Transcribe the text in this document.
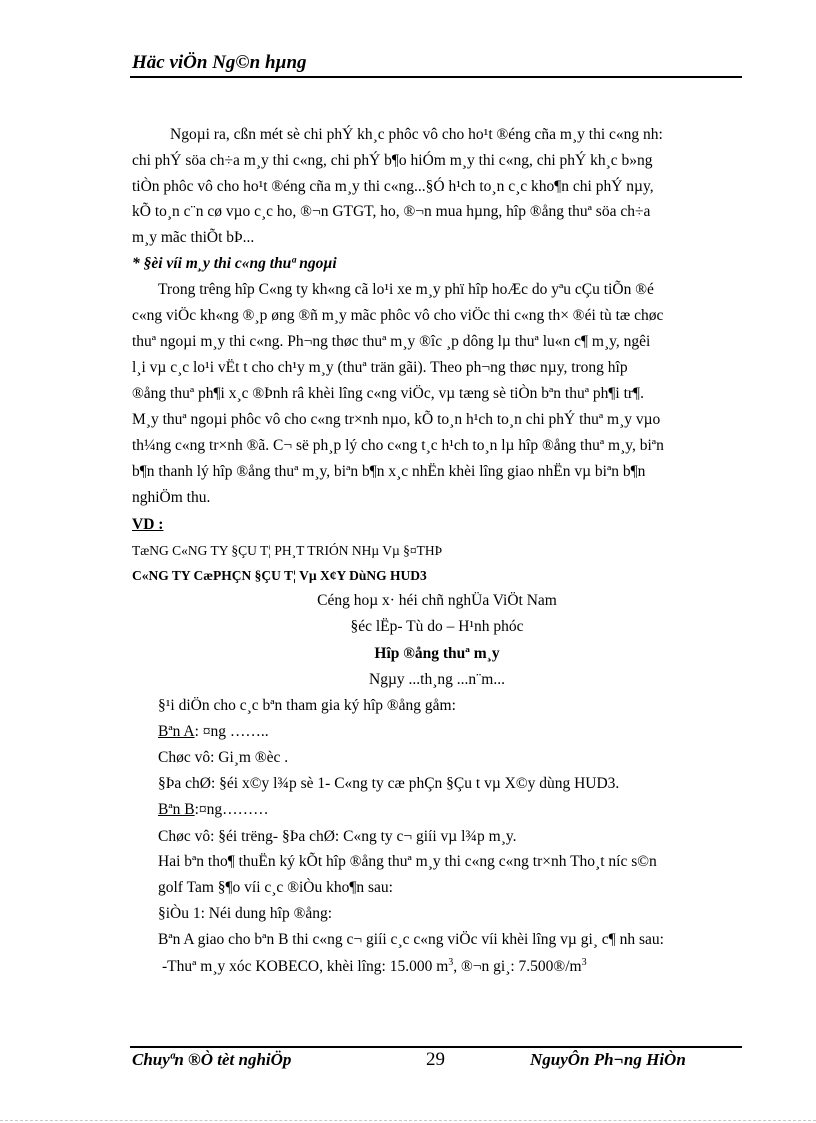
Häc viÖn Ng©n hµng
Ngoµi ra, cßn mét sè chi phÝ kh¸c phôc vô cho ho¹t ®éng cña m¸y thi c«ng nh:
chi phÝ söa ch÷a m¸y thi c«ng, chi phÝ b¶o hiÓm m¸y thi c«ng, chi phÝ kh¸c b»ng
tiÒn phôc vô cho ho¹t ®éng cña m¸y thi c«ng...§Ó h¹ch to¸n c¸c kho¶n chi phÝ nµy,
kÕ to¸n c¨n cø vµo c¸c ho, ®¬n GTGT, ho, ®¬n mua hµng, hîp ®ång thuª söa ch÷a
m¸y mãc thiÕt bÞ...
* §èi víi m¸y thi c«ng thuª ngoµi
Trong trêng hîp C«ng ty kh«ng cã lo¹i xe m¸y phï hîp hoÆc do yªu cÇu tiÕn ®é
c«ng viÖc kh«ng ®¸p øng ®ñ m¸y mãc phôc vô cho viÖc thi c«ng th× ®éi tù tæ chøc
thuª ngoµi m¸y thi c«ng. Ph¬ng thøc thuª m¸y ®îc ¸p dông lµ thuª lu«n c¶ m¸y, ngêi
l¸i vµ c¸c lo¹i vËt t cho ch¹y m¸y (thuª trän gãi). Theo ph¬ng thøc nµy, trong hîp
®ång thuª ph¶i x¸c ®Þnh râ khèi lîng c«ng viÖc, vµ tæng sè tiÒn bªn thuª ph¶i tr¶.
M¸y thuª ngoµi phôc vô cho c«ng tr×nh nµo, kÕ to¸n h¹ch to¸n chi phÝ thuª m¸y vµo
th¼ng c«ng tr×nh ®ã. C¬ së ph¸p lý cho c«ng t¸c h¹ch to¸n lµ hîp ®ång thuª m¸y, biªn
b¶n thanh lý hîp ®ång thuª m¸y, biªn b¶n x¸c nhËn khèi lîng giao nhËn vµ biªn b¶n
nghiÖm thu.
VD :
TæNG C«NG TY §ÇU T¦ PH¸T TRIÓN NHµ Vµ §¤THÞ
C«NG TY CæPHÇN §ÇU T¦ Vµ X¢Y DùNG HUD3
Céng hoµ x· héi chñ nghÜa ViÖt Nam
§éc lËp- Tù do – H¹nh phóc
Hîp ®ång thuª m¸y
Ngµy ...th¸ng ...n¨m...
§¹i diÖn cho c¸c bªn tham gia ký hîp ®ång gåm:
Bªn A: ¤ng ……..
Chøc vô: Gi¸m ®èc .
§Þa chØ: §éi x©y l¾p sè 1- C«ng ty cæ phÇn §Çu t vµ X©y dùng HUD3.
Bªn B:¤ng………
Chøc vô: §éi trëng- §Þa chØ: C«ng ty c¬ giíi vµ l¾p m¸y.
Hai bªn tho¶ thuËn ký kÕt hîp ®ång thuª m¸y thi c«ng c«ng tr×nh Tho¸t níc s©n
golf Tam §¶o víi c¸c ®iÒu kho¶n sau:
§iÒu 1: Néi dung hîp ®ång:
Bªn A giao cho bªn B thi c«ng c¬ giíi c¸c c«ng viÖc víi khèi lîng vµ gi¸ c¶ nh sau:
-Thuª m¸y xóc KOBECO, khèi lîng: 15.000 $m^3$, ®¬n gi¸: $7.500®/m^3$
Chuyªn ®Ò tèt nghiÖp	29	NguyÔn Ph¬ng HiÒn
